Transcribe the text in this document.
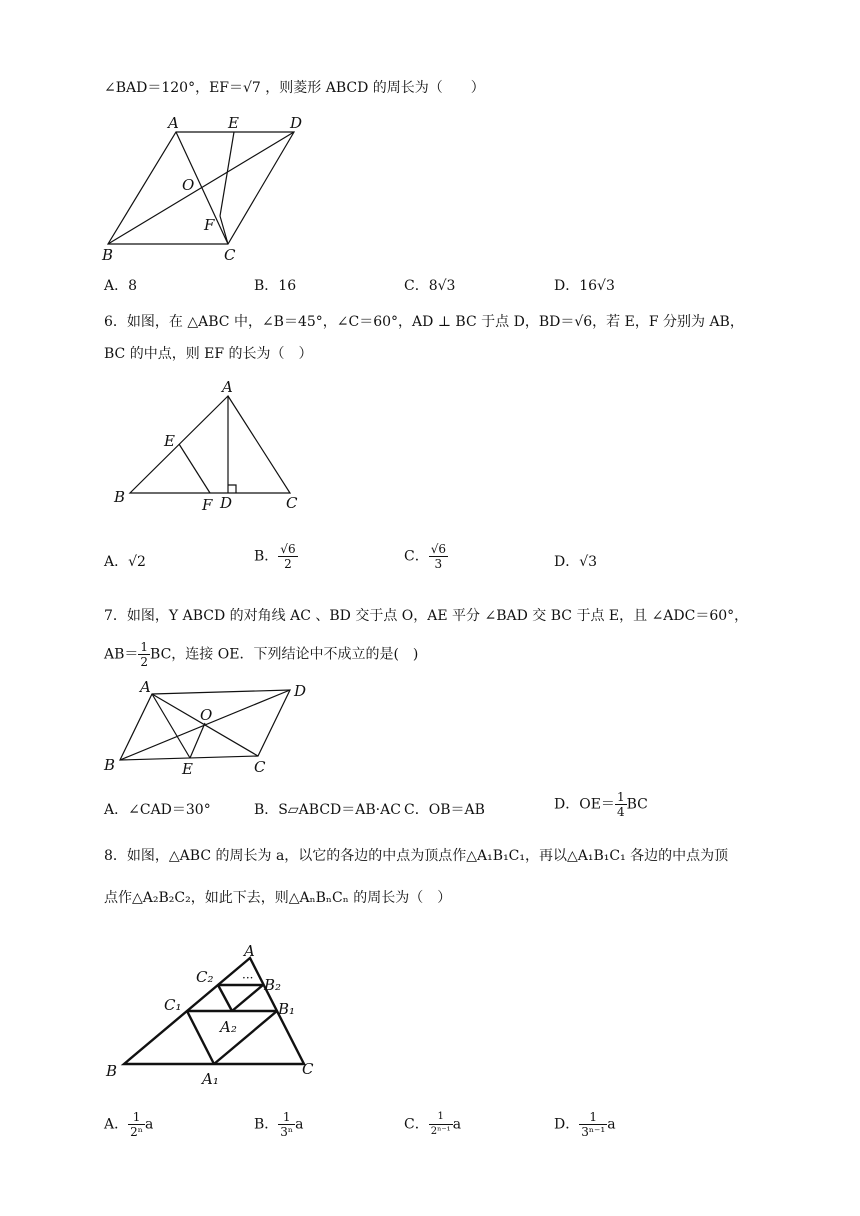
∠BAD＝120°，EF＝√7 ，则菱形 ABCD 的周长为（　　）
A	E	D
O
F
B	C
A．8	B．16	C．8√3	D．16√3
6．如图，在 △ABC 中，∠B＝45°，∠C＝60°，AD ⊥ BC 于点 D，BD＝√6，若 E，F 分别为 AB，
BC 的中点，则 EF 的长为（　）
A
E
B	F D	C
A．√2	B． $\frac{√6}{2}$	C． $\frac{√6}{3}$	D．√3
7．如图，Y ABCD 的对角线 AC 、BD 交于点 O，AE 平分 ∠BAD 交 BC 于点 E，且 ∠ADC＝60°，
$AB= \frac{1}{2}$ BC，连接 OE．下列结论中不成立的是(　)
A	D
O
B	E	C
A．∠CAD＝30°	B．S▱ABCD＝AB·AC C．OB＝AB	D．$OE= \frac{1}{4}$ BC
8．如图，△ABC 的周长为 a，以它的各边的中点为顶点作△A₁B₁C₁，再以△A₁B₁C₁ 各边的中点为顶
点作△A₂B₂C₂，如此下去，则△AₙBₙCₙ 的周长为（　）
A
···
C₂	B₂
C₁	B₁
A₂
B	A₁
C
A． $\frac{1}{\text{2ⁿ}}$ a	B． $\frac{1}{\text{3ⁿ}}$ a	C． $\frac{1}{\text{2ⁿ⁻¹}}$ a	D． $\frac{1}{\text{3ⁿ⁻¹}}$ a
